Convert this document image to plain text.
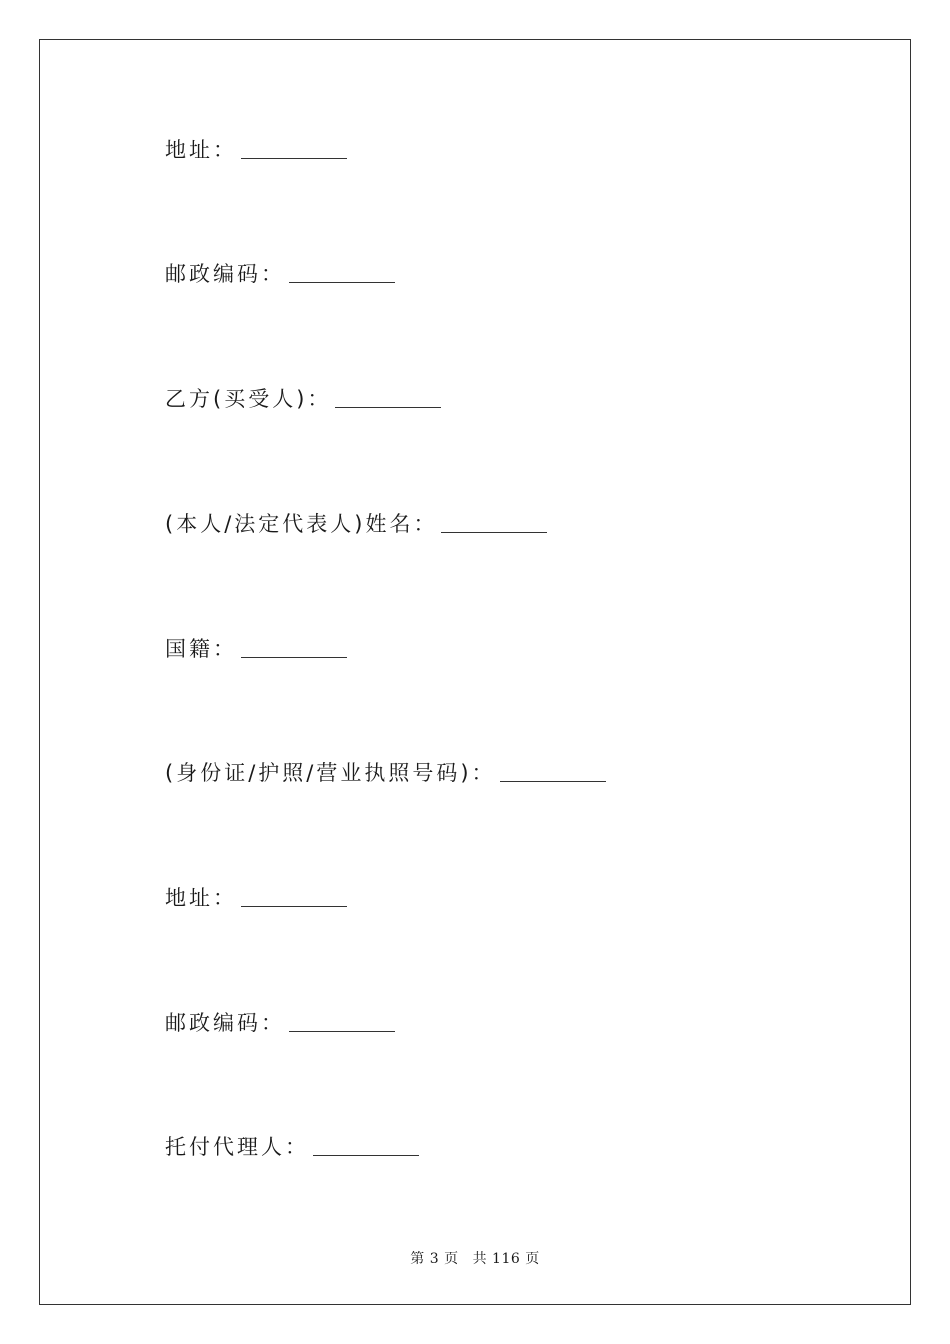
地址：
邮政编码：
乙方(买受人)：
(本人/法定代表人)姓名：
国籍：
(身份证/护照/营业执照号码)：
地址：
邮政编码：
托付代理人：
第 3 页 共 116 页
